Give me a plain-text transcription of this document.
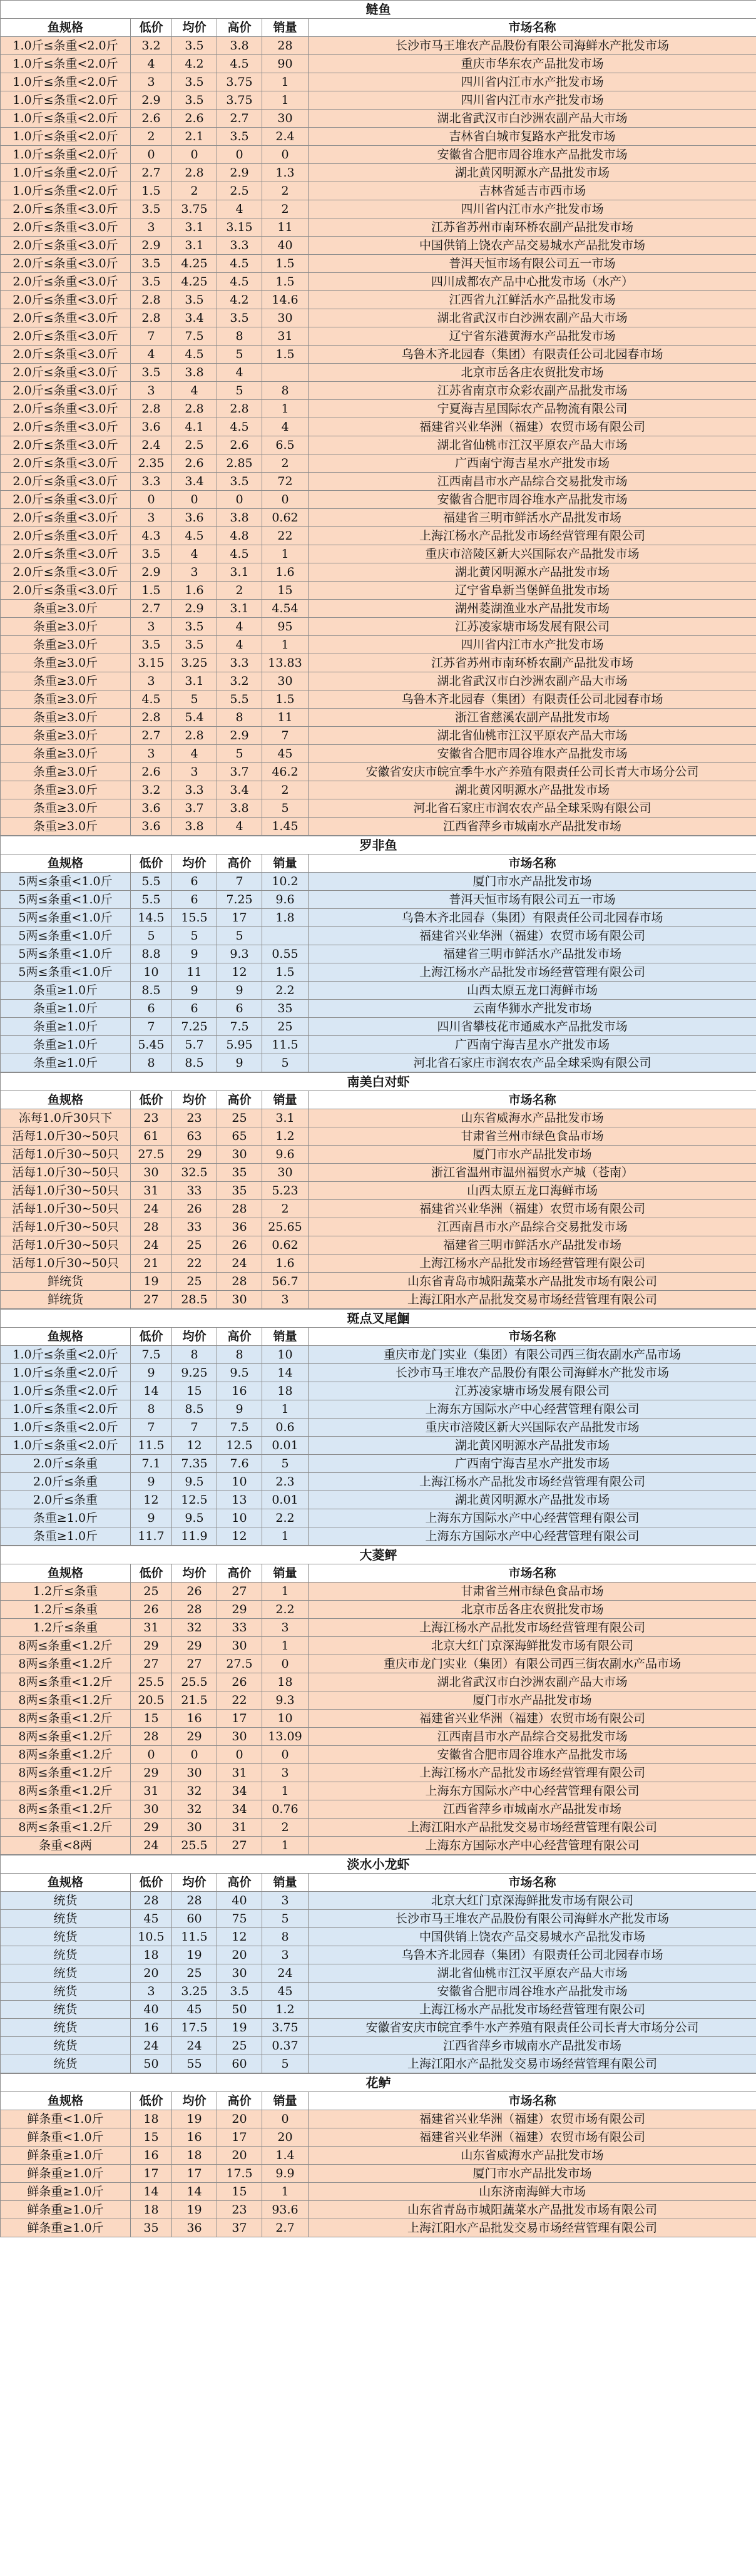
鲢鱼					
鱼规格	低价	均价	高价	销量	市场名称
1.0斤≤条重<2.0斤	3.2	3.5	3.8	28	长沙市马王堆农产品股份有限公司海鲜水产批发市场
1.0斤≤条重<2.0斤	4	4.2	4.5	90	重庆市华东农产品批发市场
1.0斤≤条重<2.0斤	3	3.5	3.75	1	四川省内江市水产批发市场
1.0斤≤条重<2.0斤	2.9	3.5	3.75	1	四川省内江市水产批发市场
1.0斤≤条重<2.0斤	2.6	2.6	2.7	30	湖北省武汉市白沙洲农副产品大市场
1.0斤≤条重<2.0斤	2	2.1	3.5	2.4	吉林省白城市复路水产批发市场
1.0斤≤条重<2.0斤	0	0	0	0	安徽省合肥市周谷堆水产品批发市场
1.0斤≤条重<2.0斤	2.7	2.8	2.9	1.3	湖北黄冈明源水产品批发市场
1.0斤≤条重<2.0斤	1.5	2	2.5	2	吉林省延吉市西市场
2.0斤≤条重<3.0斤	3.5	3.75	4	2	四川省内江市水产批发市场
2.0斤≤条重<3.0斤	3	3.1	3.15	11	江苏省苏州市南环桥农副产品批发市场
2.0斤≤条重<3.0斤	2.9	3.1	3.3	40	中国供销上饶农产品交易城水产品批发市场
2.0斤≤条重<3.0斤	3.5	4.25	4.5	1.5	普洱天恒市场有限公司五一市场
2.0斤≤条重<3.0斤	3.5	4.25	4.5	1.5	四川成都农产品中心批发市场（水产）
2.0斤≤条重<3.0斤	2.8	3.5	4.2	14.6	江西省九江鲜活水产品批发市场
2.0斤≤条重<3.0斤	2.8	3.4	3.5	30	湖北省武汉市白沙洲农副产品大市场
2.0斤≤条重<3.0斤	7	7.5	8	31	辽宁省东港黄海水产品批发市场
2.0斤≤条重<3.0斤	4	4.5	5	1.5	乌鲁木齐北园春（集团）有限责任公司北园春市场
2.0斤≤条重<3.0斤	3.5	3.8	4		北京市岳各庄农贸批发市场
2.0斤≤条重<3.0斤	3	4	5	8	江苏省南京市众彩农副产品批发市场
2.0斤≤条重<3.0斤	2.8	2.8	2.8	1	宁夏海吉星国际农产品物流有限公司
2.0斤≤条重<3.0斤	3.6	4.1	4.5	4	福建省兴业华洲（福建）农贸市场有限公司
2.0斤≤条重<3.0斤	2.4	2.5	2.6	6.5	湖北省仙桃市江汉平原农产品大市场
2.0斤≤条重<3.0斤	2.35	2.6	2.85	2	广西南宁海吉星水产批发市场
2.0斤≤条重<3.0斤	3.3	3.4	3.5	72	江西南昌市水产品综合交易批发市场
2.0斤≤条重<3.0斤	0	0	0	0	安徽省合肥市周谷堆水产品批发市场
2.0斤≤条重<3.0斤	3	3.6	3.8	0.62	福建省三明市鲜活水产品批发市场
2.0斤≤条重<3.0斤	4.3	4.5	4.8	22	上海江杨水产品批发市场经营管理有限公司
2.0斤≤条重<3.0斤	3.5	4	4.5	1	重庆市涪陵区新大兴国际农产品批发市场
2.0斤≤条重<3.0斤	2.9	3	3.1	1.6	湖北黄冈明源水产品批发市场
2.0斤≤条重<3.0斤	1.5	1.6	2	15	辽宁省阜新当堡鲜鱼批发市场
条重≥3.0斤	2.7	2.9	3.1	4.54	湖州菱湖渔业水产品批发市场
条重≥3.0斤	3	3.5	4	95	江苏凌家塘市场发展有限公司
条重≥3.0斤	3.5	3.5	4	1	四川省内江市水产批发市场
条重≥3.0斤	3.15	3.25	3.3	13.83	江苏省苏州市南环桥农副产品批发市场
条重≥3.0斤	3	3.1	3.2	30	湖北省武汉市白沙洲农副产品大市场
条重≥3.0斤	4.5	5	5.5	1.5	乌鲁木齐北园春（集团）有限责任公司北园春市场
条重≥3.0斤	2.8	5.4	8	11	浙江省慈溪农副产品批发市场
条重≥3.0斤	2.7	2.8	2.9	7	湖北省仙桃市江汉平原农产品大市场
条重≥3.0斤	3	4	5	45	安徽省合肥市周谷堆水产品批发市场
条重≥3.0斤	2.6	3	3.7	46.2	安徽省安庆市皖宜季牛水产养殖有限责任公司长青大市场分公司
条重≥3.0斤	3.2	3.3	3.4	2	湖北黄冈明源水产品批发市场
条重≥3.0斤	3.6	3.7	3.8	5	河北省石家庄市润农农产品全球采购有限公司
条重≥3.0斤	3.6	3.8	4	1.45	江西省萍乡市城南水产品批发市场
罗非鱼					
鱼规格	低价	均价	高价	销量	市场名称
5两≤条重<1.0斤	5.5	6	7	10.2	厦门市水产品批发市场
5两≤条重<1.0斤	5.5	6	7.25	9.6	普洱天恒市场有限公司五一市场
5两≤条重<1.0斤	14.5	15.5	17	1.8	乌鲁木齐北园春（集团）有限责任公司北园春市场
5两≤条重<1.0斤	5	5	5		福建省兴业华洲（福建）农贸市场有限公司
5两≤条重<1.0斤	8.8	9	9.3	0.55	福建省三明市鲜活水产品批发市场
5两≤条重<1.0斤	10	11	12	1.5	上海江杨水产品批发市场经营管理有限公司
条重≥1.0斤	8.5	9	9	2.2	山西太原五龙口海鲜市场
条重≥1.0斤	6	6	6	35	云南华狮水产批发市场
条重≥1.0斤	7	7.25	7.5	25	四川省攀枝花市通威水产品批发市场
条重≥1.0斤	5.45	5.7	5.95	11.5	广西南宁海吉星水产批发市场
条重≥1.0斤	8	8.5	9	5	河北省石家庄市润农农产品全球采购有限公司
南美白对虾					
鱼规格	低价	均价	高价	销量	市场名称
冻每1.0斤30只下	23	23	25	3.1	山东省威海水产品批发市场
活每1.0斤30~50只	61	63	65	1.2	甘肃省兰州市绿色食品市场
活每1.0斤30~50只	27.5	29	30	9.6	厦门市水产品批发市场
活每1.0斤30~50只	30	32.5	35	30	浙江省温州市温州福贸水产城（苍南）
活每1.0斤30~50只	31	33	35	5.23	山西太原五龙口海鲜市场
活每1.0斤30~50只	24	26	28	2	福建省兴业华洲（福建）农贸市场有限公司
活每1.0斤30~50只	28	33	36	25.65	江西南昌市水产品综合交易批发市场
活每1.0斤30~50只	24	25	26	0.62	福建省三明市鲜活水产品批发市场
活每1.0斤30~50只	21	22	24	1.6	上海江杨水产品批发市场经营管理有限公司
鲜统货	19	25	28	56.7	山东省青岛市城阳蔬菜水产品批发市场有限公司
鲜统货	27	28.5	30	3	上海江阳水产品批发交易市场经营管理有限公司
斑点叉尾鮰					
鱼规格	低价	均价	高价	销量	市场名称
1.0斤≤条重<2.0斤	7.5	8	8	10	重庆市龙门实业（集团）有限公司西三街农副水产品市场
1.0斤≤条重<2.0斤	9	9.25	9.5	14	长沙市马王堆农产品股份有限公司海鲜水产批发市场
1.0斤≤条重<2.0斤	14	15	16	18	江苏凌家塘市场发展有限公司
1.0斤≤条重<2.0斤	8	8.5	9	1	上海东方国际水产中心经营管理有限公司
1.0斤≤条重<2.0斤	7	7	7.5	0.6	重庆市涪陵区新大兴国际农产品批发市场
1.0斤≤条重<2.0斤	11.5	12	12.5	0.01	湖北黄冈明源水产品批发市场
2.0斤≤条重	7.1	7.35	7.6	5	广西南宁海吉星水产批发市场
2.0斤≤条重	9	9.5	10	2.3	上海江杨水产品批发市场经营管理有限公司
2.0斤≤条重	12	12.5	13	0.01	湖北黄冈明源水产品批发市场
条重≥1.0斤	9	9.5	10	2.2	上海东方国际水产中心经营管理有限公司
条重≥1.0斤	11.7	11.9	12	1	上海东方国际水产中心经营管理有限公司
大菱鲆					
鱼规格	低价	均价	高价	销量	市场名称
1.2斤≤条重	25	26	27	1	甘肃省兰州市绿色食品市场
1.2斤≤条重	26	28	29	2.2	北京市岳各庄农贸批发市场
1.2斤≤条重	31	32	33	3	上海江杨水产品批发市场经营管理有限公司
8两≤条重<1.2斤	29	29	30	1	北京大红门京深海鲜批发市场有限公司
8两≤条重<1.2斤	27	27	27.5	0	重庆市龙门实业（集团）有限公司西三街农副水产品市场
8两≤条重<1.2斤	25.5	25.5	26	18	湖北省武汉市白沙洲农副产品大市场
8两≤条重<1.2斤	20.5	21.5	22	9.3	厦门市水产品批发市场
8两≤条重<1.2斤	15	16	17	10	福建省兴业华洲（福建）农贸市场有限公司
8两≤条重<1.2斤	28	29	30	13.09	江西南昌市水产品综合交易批发市场
8两≤条重<1.2斤	0	0	0	0	安徽省合肥市周谷堆水产品批发市场
8两≤条重<1.2斤	29	30	31	3	上海江杨水产品批发市场经营管理有限公司
8两≤条重<1.2斤	31	32	34	1	上海东方国际水产中心经营管理有限公司
8两≤条重<1.2斤	30	32	34	0.76	江西省萍乡市城南水产品批发市场
8两≤条重<1.2斤	29	30	31	2	上海江阳水产品批发交易市场经营管理有限公司
条重<8两	24	25.5	27	1	上海东方国际水产中心经营管理有限公司
淡水小龙虾					
鱼规格	低价	均价	高价	销量	市场名称
统货	28	28	40	3	北京大红门京深海鲜批发市场有限公司
统货	45	60	75	5	长沙市马王堆农产品股份有限公司海鲜水产批发市场
统货	10.5	11.5	12	8	中国供销上饶农产品交易城水产品批发市场
统货	18	19	20	3	乌鲁木齐北园春（集团）有限责任公司北园春市场
统货	20	25	30	24	湖北省仙桃市江汉平原农产品大市场
统货	3	3.25	3.5	45	安徽省合肥市周谷堆水产品批发市场
统货	40	45	50	1.2	上海江杨水产品批发市场经营管理有限公司
统货	16	17.5	19	3.75	安徽省安庆市皖宜季牛水产养殖有限责任公司长青大市场分公司
统货	24	24	25	0.37	江西省萍乡市城南水产品批发市场
统货	50	55	60	5	上海江阳水产品批发交易市场经营管理有限公司
花鲈					
鱼规格	低价	均价	高价	销量	市场名称
鲜条重<1.0斤	18	19	20	0	福建省兴业华洲（福建）农贸市场有限公司
鲜条重<1.0斤	15	16	17	20	福建省兴业华洲（福建）农贸市场有限公司
鲜条重≥1.0斤	16	18	20	1.4	山东省威海水产品批发市场
鲜条重≥1.0斤	17	17	17.5	9.9	厦门市水产品批发市场
鲜条重≥1.0斤	14	14	15	1	山东济南海鲜大市场
鲜条重≥1.0斤	18	19	23	93.6	山东省青岛市城阳蔬菜水产品批发市场有限公司
鲜条重≥1.0斤	35	36	37	2.7	上海江阳水产品批发交易市场经营管理有限公司
